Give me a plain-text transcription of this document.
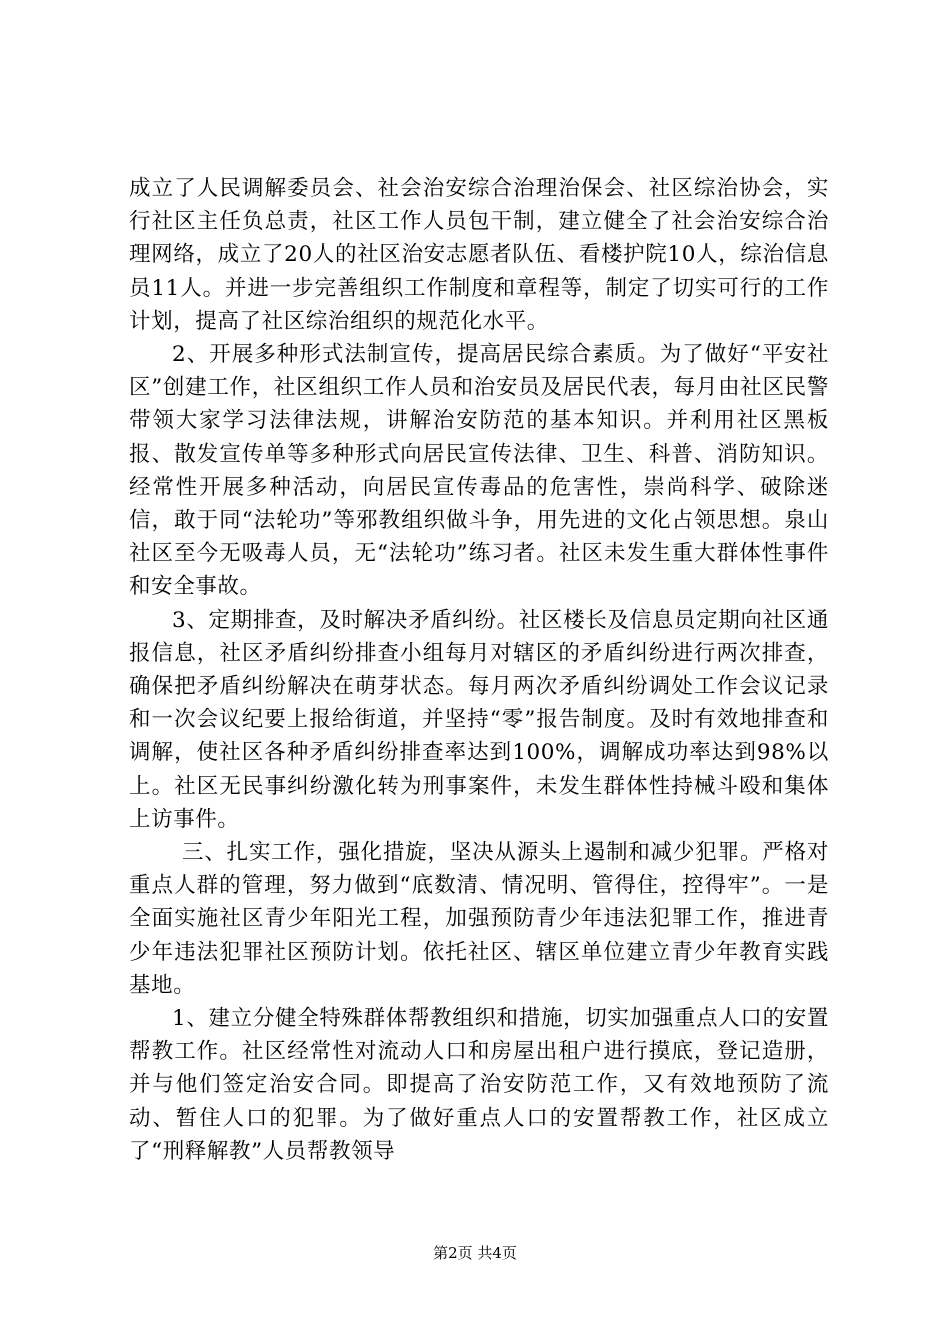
成立了人民调解委员会、社会治安综合治理治保会、社区综治协会，实行社区主任负总责，社区工作人员包干制，建立健全了社会治安综合治理网络，成立了20人的社区治安志愿者队伍、看楼护院10人，综治信息员11人。并进一步完善组织工作制度和章程等，制定了切实可行的工作计划，提高了社区综治组织的规范化水平。

2、开展多种形式法制宣传，提高居民综合素质。为了做好“平安社区”创建工作，社区组织工作人员和治安员及居民代表，每月由社区民警带领大家学习法律法规，讲解治安防范的基本知识。并利用社区黑板报、散发宣传单等多种形式向居民宣传法律、卫生、科普、消防知识。经常性开展多种活动，向居民宣传毒品的危害性，崇尚科学、破除迷信，敢于同“法轮功”等邪教组织做斗争，用先进的文化占领思想。泉山社区至今无吸毒人员，无“法轮功”练习者。社区未发生重大群体性事件和安全事故。

3、定期排查，及时解决矛盾纠纷。社区楼长及信息员定期向社区通报信息，社区矛盾纠纷排查小组每月对辖区的矛盾纠纷进行两次排查，确保把矛盾纠纷解决在萌芽状态。每月两次矛盾纠纷调处工作会议记录和一次会议纪要上报给街道，并坚持“零”报告制度。及时有效地排查和调解，使社区各种矛盾纠纷排查率达到100%，调解成功率达到98%以上。社区无民事纠纷激化转为刑事案件，未发生群体性持械斗殴和集体上访事件。

三、扎实工作，强化措旋，坚决从源头上遏制和减少犯罪。严格对重点人群的管理，努力做到“底数清、情况明、管得住，控得牢”。一是全面实施社区青少年阳光工程，加强预防青少年违法犯罪工作，推进青少年违法犯罪社区预防计划。依托社区、辖区单位建立青少年教育实践基地。

1、建立分健全特殊群体帮教组织和措施，切实加强重点人口的安置帮教工作。社区经常性对流动人口和房屋出租户进行摸底，登记造册，并与他们签定治安合同。即提高了治安防范工作，又有效地预防了流动、暂住人口的犯罪。为了做好重点人口的安置帮教工作，社区成立了“刑释解教”人员帮教领导

第2页 共4页
